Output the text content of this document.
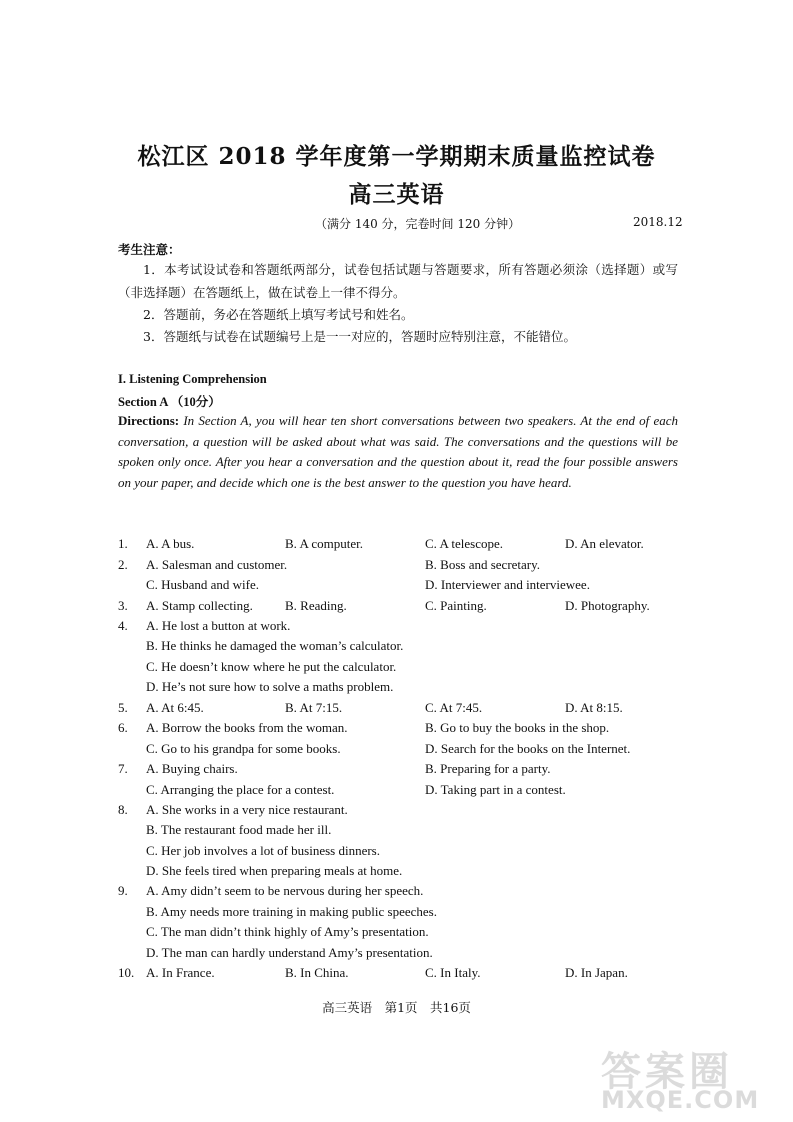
松江区 2018 学年度第一学期期末质量监控试卷
高三英语
（满分 140 分，完卷时间 120 分钟）	2018.12
考生注意：
1．本考试设试卷和答题纸两部分，试卷包括试题与答题要求，所有答题必须涂（选择题）或写（非选择题）在答题纸上，做在试卷上一律不得分。
2．答题前，务必在答题纸上填写考试号和姓名。
3．答题纸与试卷在试题编号上是一一对应的，答题时应特别注意，不能错位。
I. Listening Comprehension
Section A （10分）
Directions: In Section A, you will hear ten short conversations between two speakers. At the end of each conversation, a question will be asked about what was said. The conversations and the questions will be spoken only once. After you hear a conversation and the question about it, read the four possible answers on your paper, and decide which one is the best answer to the question you have heard.
1. A. A bus.	B. A computer.	C. A telescope.	D. An elevator.
2. A. Salesman and customer.	B. Boss and secretary.
C. Husband and wife.	D. Interviewer and interviewee.
3. A. Stamp collecting. B. Reading.	C. Painting.	D. Photography.
4. A. He lost a button at work.
B. He thinks he damaged the woman’s calculator.
C. He doesn’t know where he put the calculator.
D. He’s not sure how to solve a maths problem.
5. A. At 6:45.	B. At 7:15.	C. At 7:45.	D. At 8:15.
6. A. Borrow the books from the woman.	B. Go to buy the books in the shop.
C. Go to his grandpa for some books.	D. Search for the books on the Internet.
7. A. Buying chairs.	B. Preparing for a party.
C. Arranging the place for a contest.	D. Taking part in a contest.
8. A. She works in a very nice restaurant.
B. The restaurant food made her ill.
C. Her job involves a lot of business dinners.
D. She feels tired when preparing meals at home.
9. A. Amy didn’t seem to be nervous during her speech.
B. Amy needs more training in making public speeches.
C. The man didn’t think highly of Amy’s presentation.
D. The man can hardly understand Amy’s presentation.
10. A. In France.	B. In China.	C. In Italy.	D. In Japan.
高三英语　第1页　共16页
答案圈
MXQE.COM
